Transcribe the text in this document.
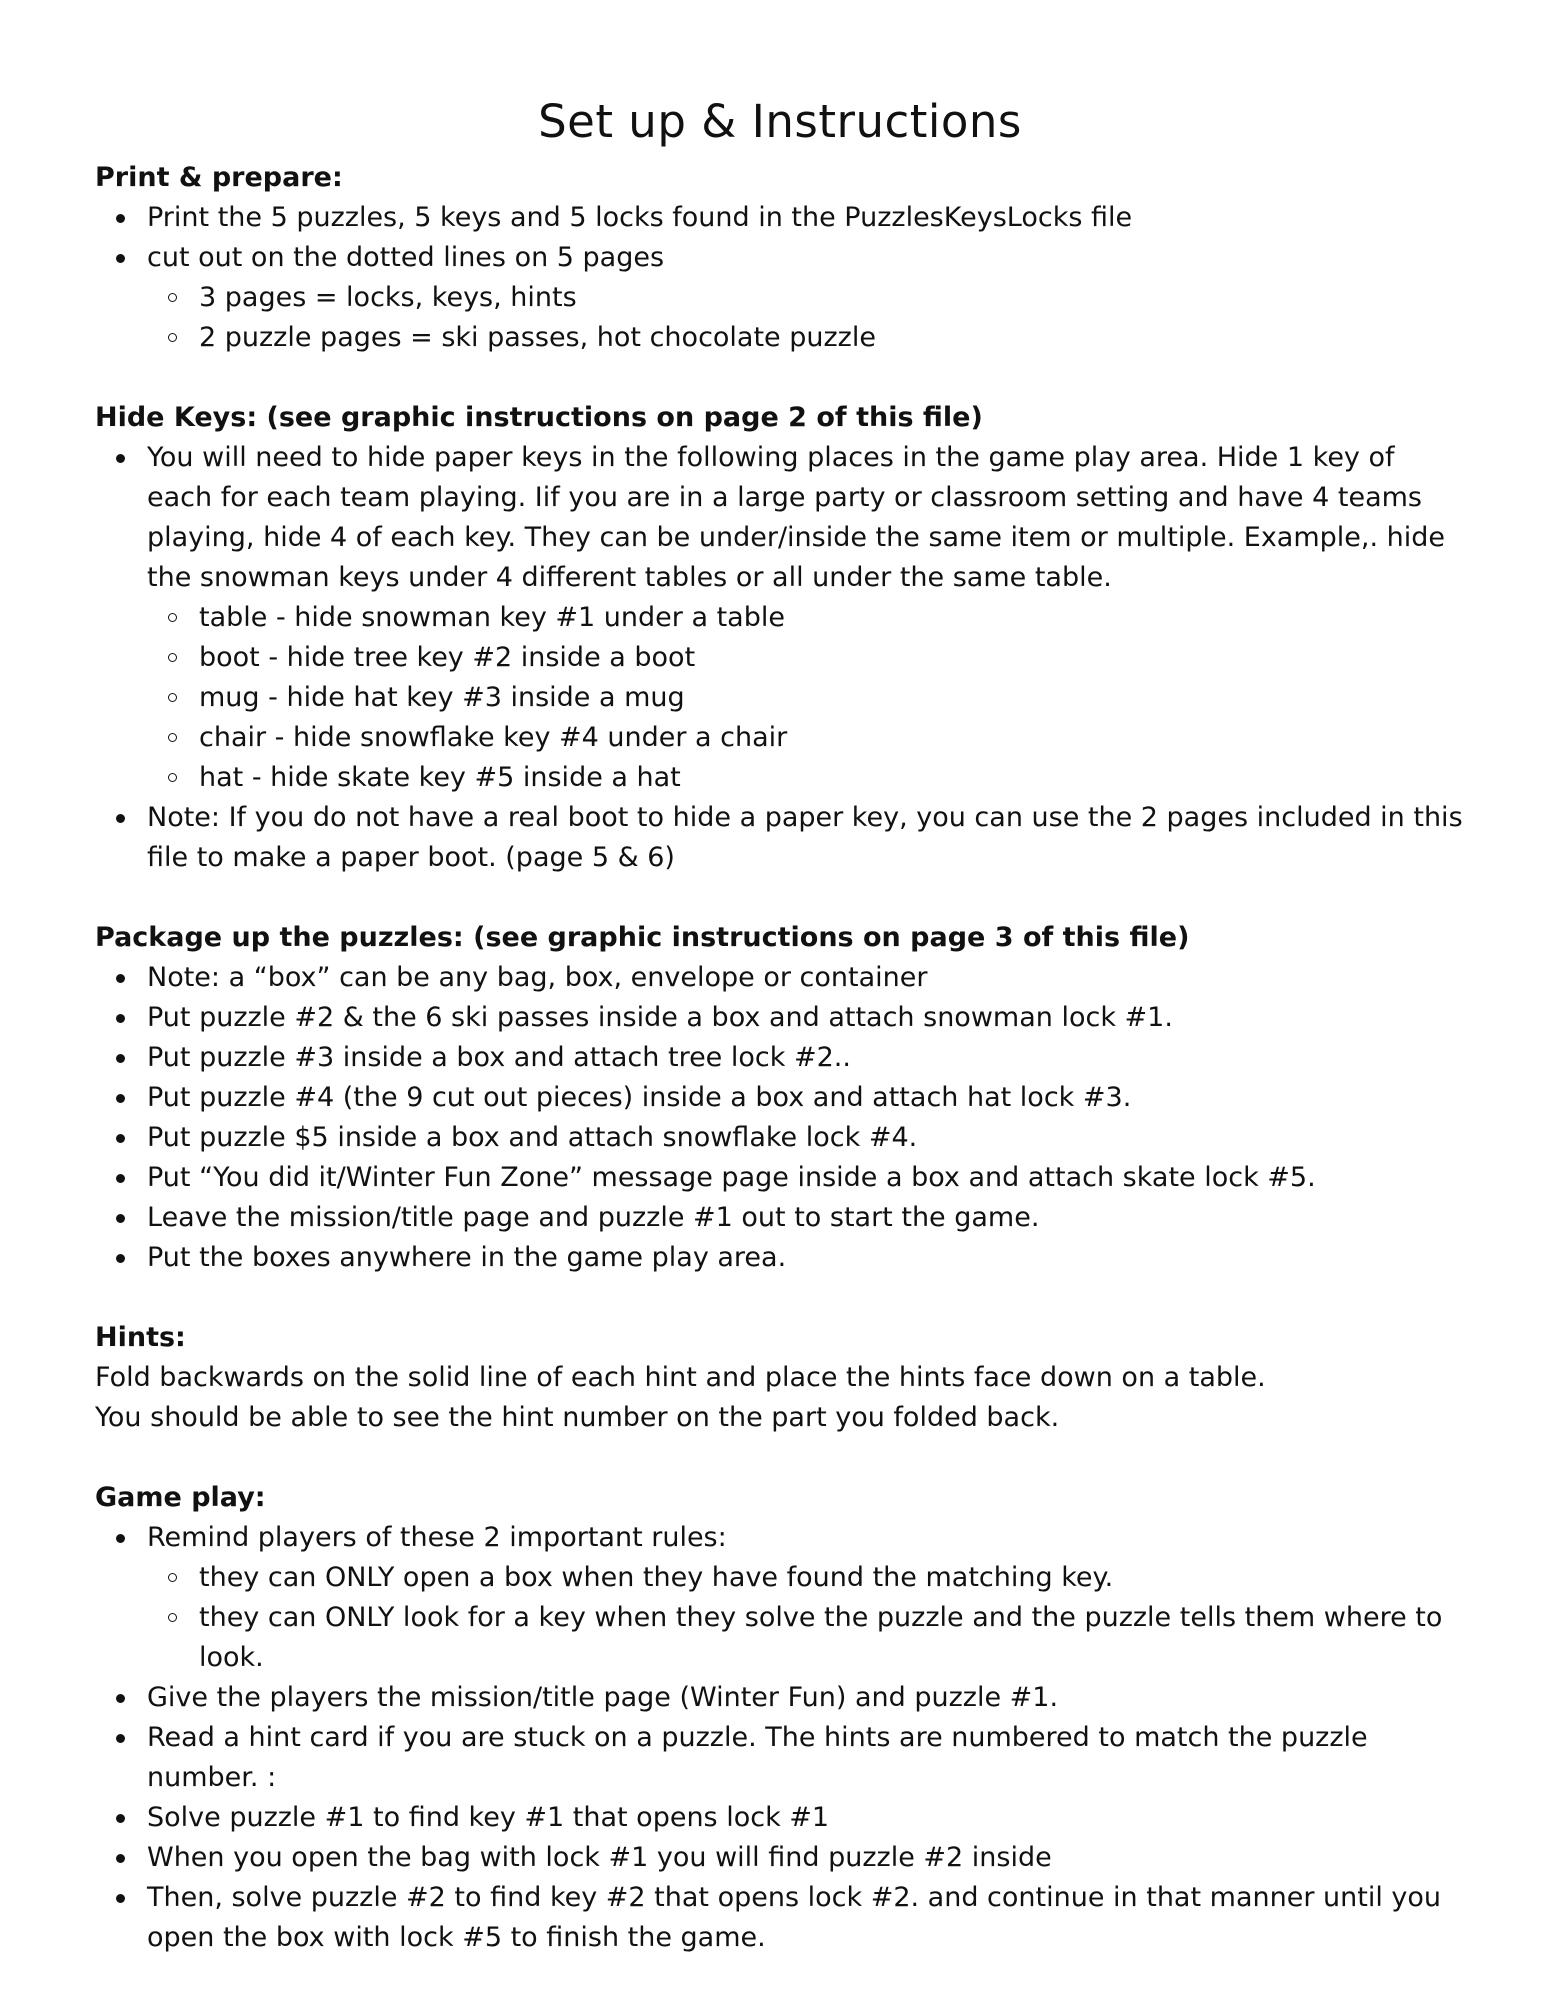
Set up & Instructions

Print & prepare:

Print the 5 puzzles, 5 keys and 5 locks found in the PuzzlesKeysLocks file
cut out on the dotted lines on 5 pages
3 pages = locks, keys, hints
2 puzzle pages = ski passes, hot chocolate puzzle

Hide Keys: (see graphic instructions on page 2 of this file)

You will need to hide paper keys in the following places in the game play area. Hide 1 key of each for each team playing. Iif you are in a large party or classroom setting and have 4 teams playing, hide 4 of each key. They can be under/inside the same item or multiple. Example,. hide the snowman keys under 4 different tables or all under the same table.
table - hide snowman key #1 under a table
boot - hide tree key #2 inside a boot
mug - hide hat key #3 inside a mug
chair - hide snowflake key #4 under a chair
hat - hide skate key #5 inside a hat
Note: If you do not have a real boot to hide a paper key, you can use the 2 pages included in this file to make a paper boot. (page 5 & 6)

Package up the puzzles: (see graphic instructions on page 3 of this file)

Note: a “box” can be any bag, box, envelope or container
Put puzzle #2 & the 6 ski passes inside a box and attach snowman lock #1.
Put puzzle #3 inside a box and attach tree lock #2..
Put puzzle #4 (the 9 cut out pieces) inside a box and attach hat lock #3.
Put puzzle $5 inside a box and attach snowflake lock #4.
Put “You did it/Winter Fun Zone” message page inside a box and attach skate lock #5.
Leave the mission/title page and puzzle #1 out to start the game.
Put the boxes anywhere in the game play area.

Hints:

Fold backwards on the solid line of each hint and place the hints face down on a table.

You should be able to see the hint number on the part you folded back.

Game play:

Remind players of these 2 important rules:
they can ONLY open a box when they have found the matching key.
they can ONLY look for a key when they solve the puzzle and the puzzle tells them where to look.
Give the players the mission/title page (Winter Fun) and puzzle #1.
Read a hint card if you are stuck on a puzzle. The hints are numbered to match the puzzle number. :
Solve puzzle #1 to find key #1 that opens lock #1
When you open the bag with lock #1 you will find puzzle #2 inside
Then, solve puzzle #2 to find key #2 that opens lock #2. and continue in that manner until you open the box with lock #5 to finish the game.
